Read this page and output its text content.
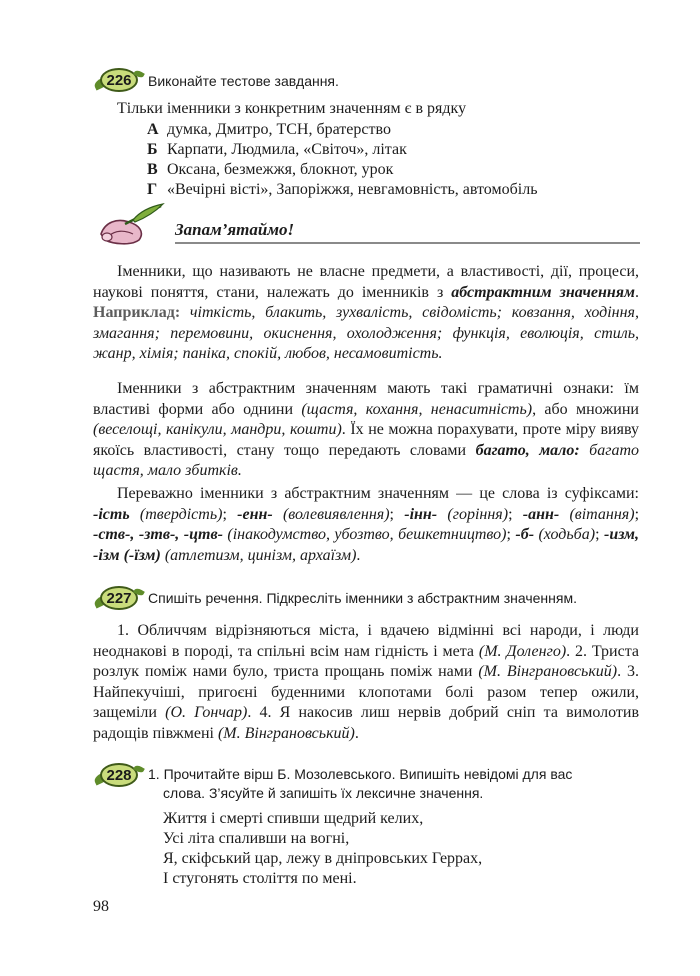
226	Виконайте тестове завдання.
Тільки іменники з конкретним значенням є в рядку
А думка, Дмитро, ТСН, братерство
Б Карпати, Людмила, «Світоч», літак
В Оксана, безмежжя, блокнот, урок
Г «Вечірні вісті», Запоріжжя, невгамовність, автомобіль
Запам’ятаймо!
Іменники, що називають не власне предмети, а властивості, дії, процеси, наукові поняття, стани, належать до іменників з абстрактним значенням. Наприклад: чіткість, блакить, зухвалість, свідомість; ковзання, ходіння, змагання; перемовини, окиснення, охолодження; функція, еволюція, стиль, жанр, хімія; паніка, спокій, любов, несамовитість.
Іменники з абстрактним значенням мають такі граматичні ознаки: їм властиві форми або однини (щастя, кохання, ненаситність), або множини (веселощі, канікули, мандри, кошти). Їх не можна порахувати, проте міру вияву якоїсь властивості, стану тощо передають словами багато, мало: багато щастя, мало збитків.
Переважно іменники з абстрактним значенням — це слова із суфіксами: -ість (твердість); -енн- (волевиявлення); -інн- (горіння); -анн- (вітання); -ств-, -зтв-, -цтв- (інакодумство, убозтво, бешкетництво); -б- (ходьба); -изм, -ізм (-їзм) (атлетизм, цинізм, архаїзм).
227	Спишіть речення. Підкресліть іменники з абстрактним значенням.
1. Обличчям відрізняються міста, і вдачею відмінні всі народи, і люди неоднакові в породі, та спільні всім нам гідність і мета (М. Доленго). 2. Триста розлук поміж нами було, триста прощань поміж нами (М. Вінграновський). 3. Найпекучіші, пригоєні буденними клопотами болі разом тепер ожили, защеміли (О. Гончар). 4. Я накосив лиш нервів добрий сніп та вимолотив радощів півжмені (М. Вінграновський).
228	1. Прочитайте вірш Б. Мозолевського. Випишіть невідомі для вас
слова. З’ясуйте й запишіть їх лексичне значення.
Життя і смерті спивши щедрий келих,
Усі літа спаливши на вогні,
Я, скіфський цар, лежу в дніпровських Геррах,
І стугонять століття по мені.
98
